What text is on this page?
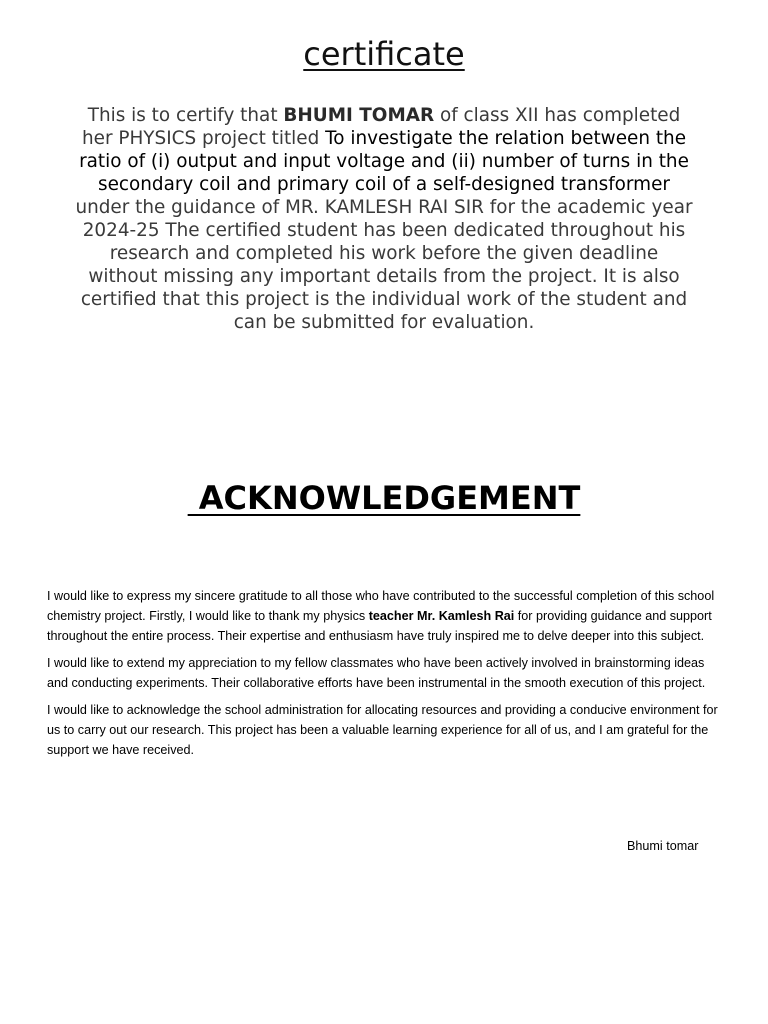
certificate
This is to certify that BHUMI TOMAR of class XII has completed her PHYSICS project titled To investigate the relation between the ratio of (i) output and input voltage and (ii) number of turns in the secondary coil and primary coil of a self-designed transformer under the guidance of MR. KAMLESH RAI SIR for the academic year 2024-25 The certified student has been dedicated throughout his research and completed his work before the given deadline without missing any important details from the project. It is also certified that this project is the individual work of the student and can be submitted for evaluation.
ACKNOWLEDGEMENT

I would like to express my sincere gratitude to all those who have contributed to the successful completion of this school chemistry project. Firstly, I would like to thank my physics teacher Mr. Kamlesh Rai for providing guidance and support throughout the entire process. Their expertise and enthusiasm have truly inspired me to delve deeper into this subject.

I would like to extend my appreciation to my fellow classmates who have been actively involved in brainstorming ideas and conducting experiments. Their collaborative efforts have been instrumental in the smooth execution of this project.

I would like to acknowledge the school administration for allocating resources and providing a conducive environment for us to carry out our research. This project has been a valuable learning experience for all of us, and I am grateful for the support we have received.

Bhumi tomar
